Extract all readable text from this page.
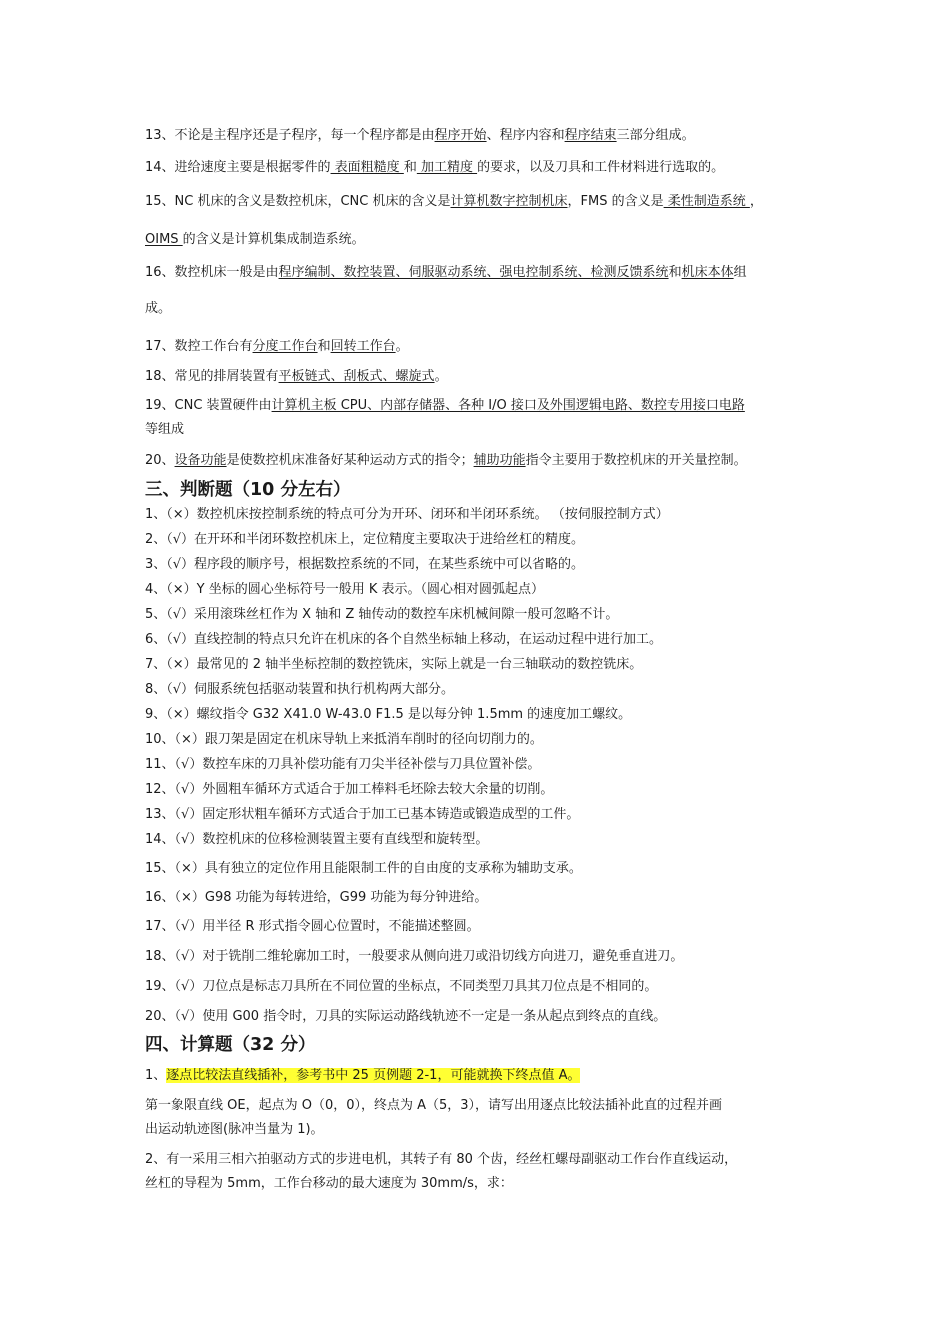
13、不论是主程序还是子程序，每一个程序都是由程序开始、程序内容和程序结束三部分组成。
14、进给速度主要是根据零件的 表面粗糙度 和 加工精度 的要求，以及刀具和工件材料进行选取的。
15、NC 机床的含义是数控机床，CNC 机床的含义是计算机数字控制机床，FMS 的含义是 柔性制造系统 ，
OIMS 的含义是计算机集成制造系统。
16、数控机床一般是由程序编制、数控装置、伺服驱动系统、强电控制系统、检测反馈系统和机床本体组
成。
17、数控工作台有分度工作台和回转工作台。
18、常见的排屑装置有平板链式、刮板式、螺旋式。
19、CNC 装置硬件由计算机主板 CPU、内部存储器、各种 I/O 接口及外围逻辑电路、数控专用接口电路
等组成
20、设备功能是使数控机床准备好某种运动方式的指令；辅助功能指令主要用于数控机床的开关量控制。
三、判断题（10 分左右）
1、（×）数控机床按控制系统的特点可分为开环、闭环和半闭环系统。 （按伺服控制方式）
2、（√）在开环和半闭环数控机床上，定位精度主要取决于进给丝杠的精度。
3、（√）程序段的顺序号，根据数控系统的不同，在某些系统中可以省略的。
4、（×）Y 坐标的圆心坐标符号一般用 K 表示。（圆心相对圆弧起点）
5、（√）采用滚珠丝杠作为 X 轴和 Z 轴传动的数控车床机械间隙一般可忽略不计。
6、（√）直线控制的特点只允许在机床的各个自然坐标轴上移动，在运动过程中进行加工。
7、（×）最常见的 2 轴半坐标控制的数控铣床，实际上就是一台三轴联动的数控铣床。
8、（√）伺服系统包括驱动装置和执行机构两大部分。
9、（×）螺纹指令 G32 X41.0 W-43.0 F1.5 是以每分钟 1.5mm 的速度加工螺纹。
10、（×）跟刀架是固定在机床导轨上来抵消车削时的径向切削力的。
11、（√）数控车床的刀具补偿功能有刀尖半径补偿与刀具位置补偿。
12、（√）外圆粗车循环方式适合于加工棒料毛坯除去较大余量的切削。
13、（√）固定形状粗车循环方式适合于加工已基本铸造或锻造成型的工件。
14、（√）数控机床的位移检测装置主要有直线型和旋转型。
15、（×）具有独立的定位作用且能限制工件的自由度的支承称为辅助支承。
16、（×）G98 功能为每转进给，G99 功能为每分钟进给。
17、（√）用半径 R 形式指令圆心位置时，不能描述整圆。
18、（√）对于铣削二维轮廓加工时，一般要求从侧向进刀或沿切线方向进刀，避免垂直进刀。
19、（√）刀位点是标志刀具所在不同位置的坐标点，不同类型刀具其刀位点是不相同的。
20、（√）使用 G00 指令时，刀具的实际运动路线轨迹不一定是一条从起点到终点的直线。
四、计算题（32 分）
1、逐点比较法直线插补，参考书中 25 页例题 2-1，可能就换下终点值 A。
第一象限直线 OE，起点为 O（0，0），终点为 A（5，3），请写出用逐点比较法插补此直的过程并画
出运动轨迹图(脉冲当量为 1)。
2、有一采用三相六拍驱动方式的步进电机，其转子有 80 个齿，经丝杠螺母副驱动工作台作直线运动，
丝杠的导程为 5mm，工作台移动的最大速度为 30mm/s，求：
